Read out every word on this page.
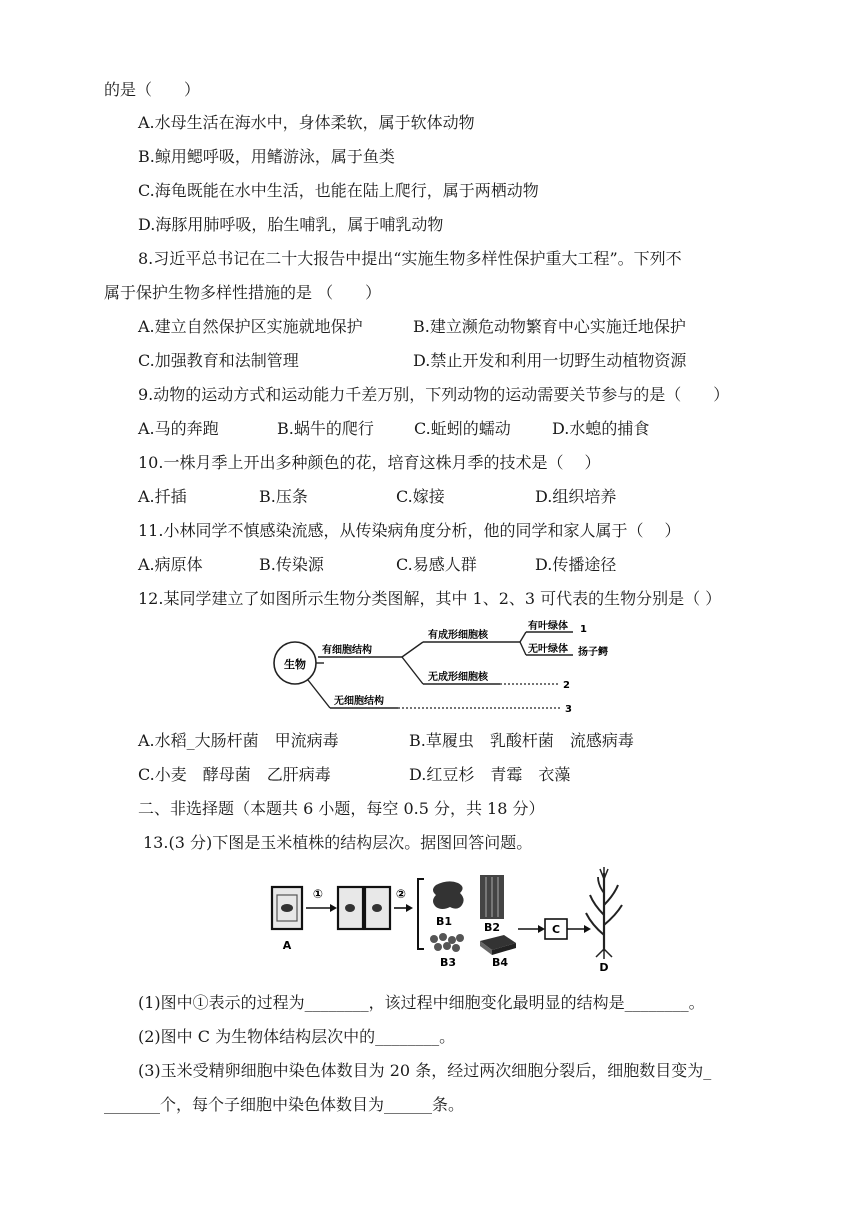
的是（　　）
A.水母生活在海水中，身体柔软，属于软体动物
B.鲸用鳃呼吸，用鳍游泳，属于鱼类
C.海龟既能在水中生活，也能在陆上爬行，属于两栖动物
D.海豚用肺呼吸，胎生哺乳，属于哺乳动物
8.习近平总书记在二十大报告中提出“实施生物多样性保护重大工程”。下列不
属于保护生物多样性措施的是 （　　）
A.建立自然保护区实施就地保护	B.建立濒危动物繁育中心实施迁地保护
C.加强教育和法制管理	D.禁止开发和利用一切野生动植物资源
9.动物的运动方式和运动能力千差万别，下列动物的运动需要关节参与的是（　　）
A.马的奔跑	B.蜗牛的爬行	C.蚯蚓的蠕动	D.水螅的捕食
10.一株月季上开出多种颜色的花，培育这株月季的技术是（　 ）
A.扦插	B.压条	C.嫁接	D.组织培养
11.小林同学不慎感染流感，从传染病角度分析，他的同学和家人属于（　 ）
A.病原体	B.传染源	C.易感人群	D.传播途径
12.某同学建立了如图所示生物分类图解，其中 1、2、3 可代表的生物分别是（ ）
生物
有细胞结构
有成形细胞核
有叶绿体 1
无叶绿体 扬子鳄
无成形细胞核
2
无细胞结构
3
A.水稻_大肠杆菌　甲流病毒	B.草履虫　乳酸杆菌　流感病毒
C.小麦　酵母菌　乙肝病毒	D.红豆杉　青霉　衣藻
二、非选择题（本题共 6 小题，每空 0.5 分，共 18 分）
13.(3 分)下图是玉米植株的结构层次。据图回答问题。
A
①	②
B1	B2
B3	B4
C
D
(1)图中①表示的过程为________，该过程中细胞变化最明显的结构是________。
(2)图中 C 为生物体结构层次中的________。
(3)玉米受精卵细胞中染色体数目为 20 条，经过两次细胞分裂后，细胞数目变为_
_______个，每个子细胞中染色体数目为______条。
